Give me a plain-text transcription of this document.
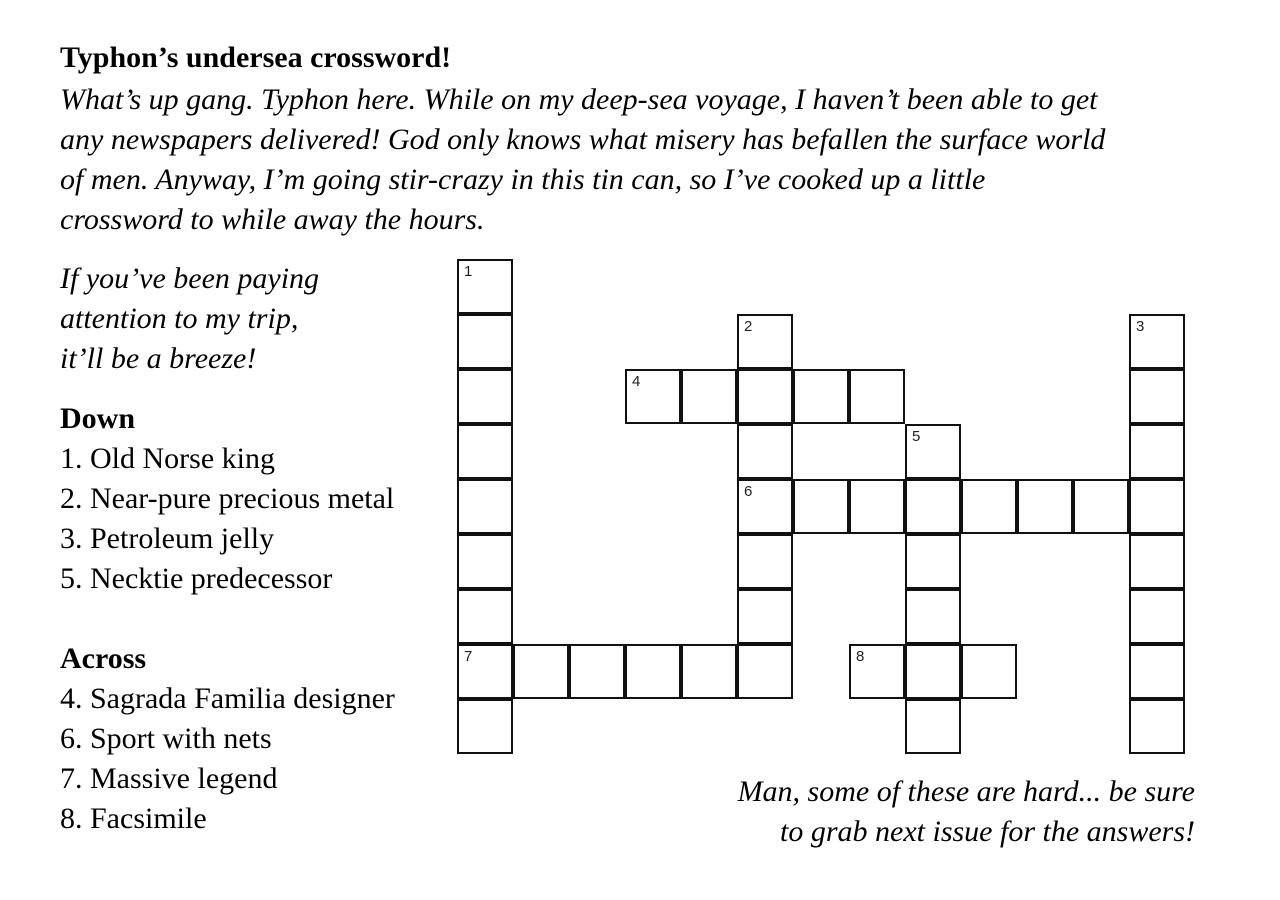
Typhon’s undersea crossword!
What’s up gang. Typhon here. While on my deep-sea voyage, I haven’t been able to get
any newspapers delivered! God only knows what misery has befallen the surface world
of men. Anyway, I’m going stir-crazy in this tin can, so I’ve cooked up a little
crossword to while away the hours.
If you’ve been paying
attention to my trip,
it’ll be a breeze!
Down
1. Old Norse king
2. Near-pure precious metal
3. Petroleum jelly
5. Necktie predecessor
Across
4. Sagrada Familia designer
6. Sport with nets
7. Massive legend
8. Facsimile
1
7
2
6
3
4
5
8
Man, some of these are hard... be sure
to grab next issue for the answers!
